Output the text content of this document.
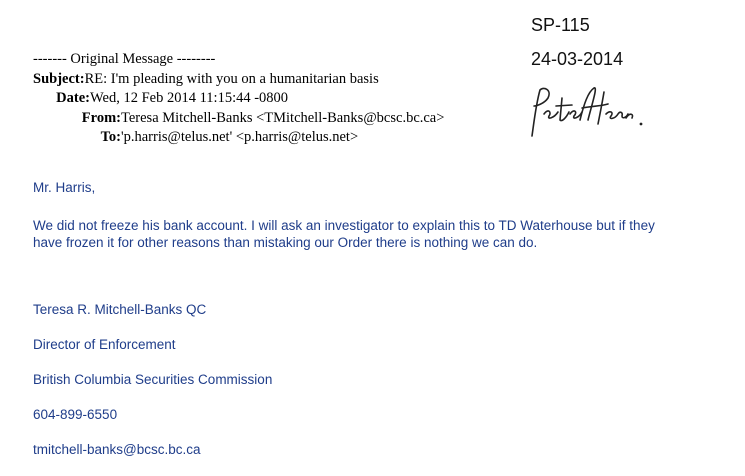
SP-115
24-03-2014
------- Original Message --------
Subject:RE: I'm pleading with you on a humanitarian basis
Date:Wed, 12 Feb 2014 11:15:44 -0800
From:Teresa Mitchell-Banks <TMitchell-Banks@bcsc.bc.ca>
To:'p.harris@telus.net' <p.harris@telus.net>
Mr. Harris,
We did not freeze his bank account. I will ask an investigator to explain this to TD Waterhouse but if they
have frozen it for other reasons than mistaking our Order there is nothing we can do.
Teresa R. Mitchell-Banks QC
Director of Enforcement
British Columbia Securities Commission
604-899-6550
tmitchell-banks@bcsc.bc.ca
